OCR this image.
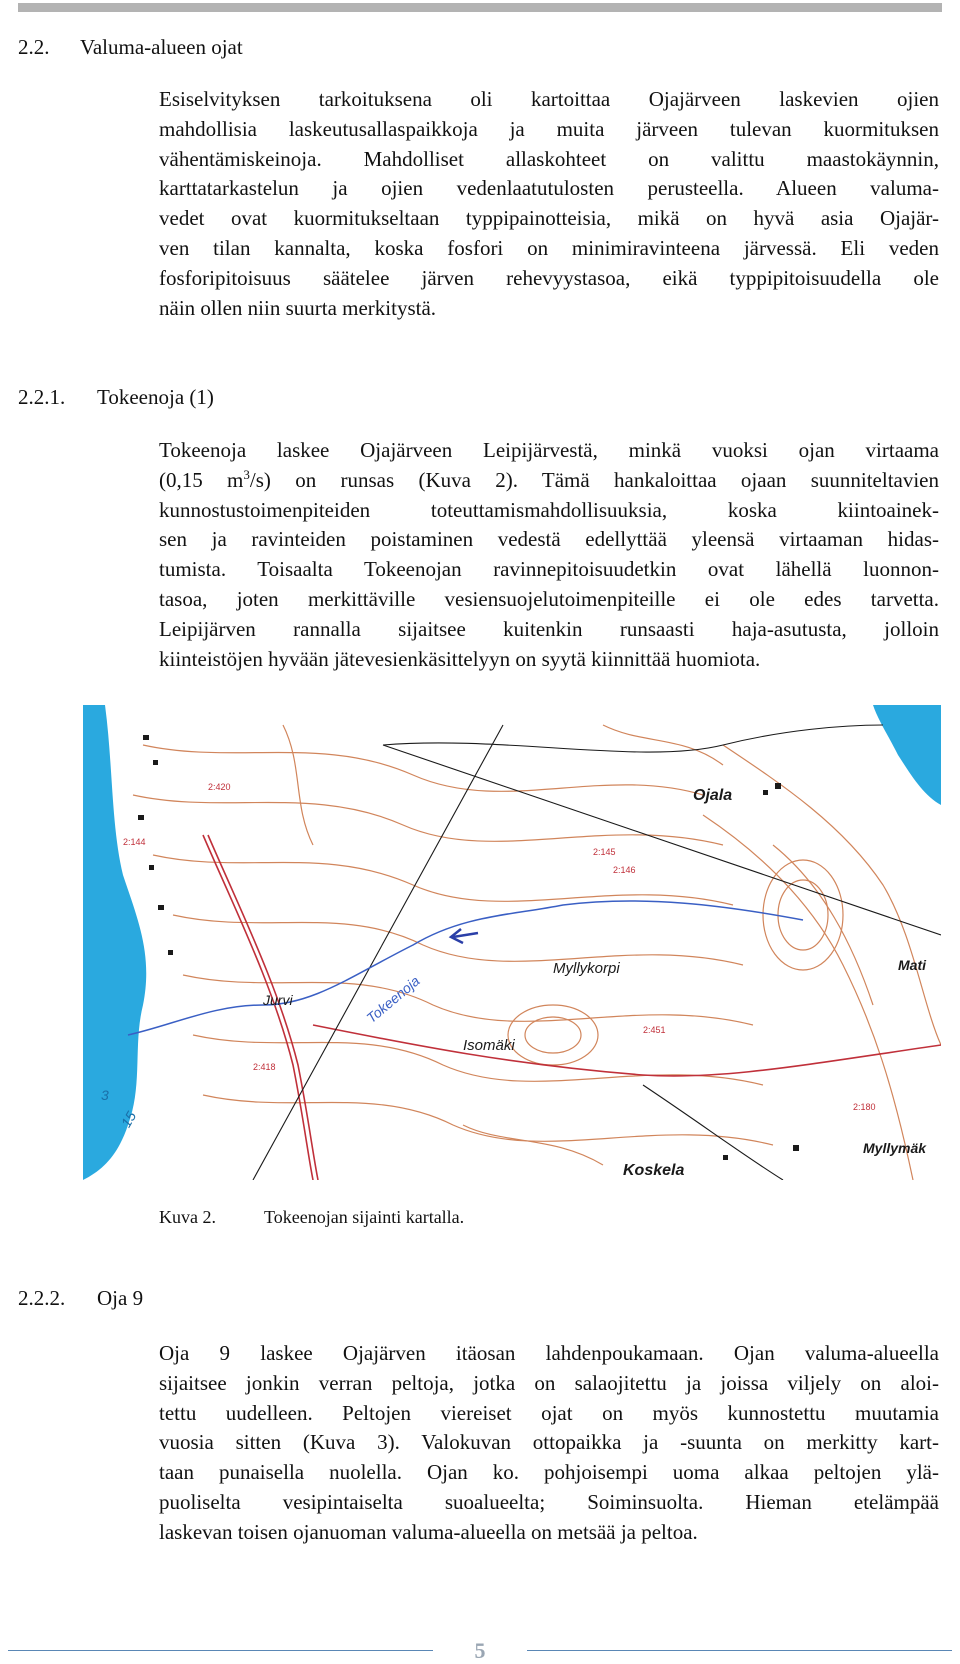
2.2. Valuma-alueen ojat
Esiselvityksen tarkoituksena oli kartoittaa Ojajärveen laskevien ojien
mahdollisia laskeutusallaspaikkoja ja muita järveen tulevan kuormituksen
vähentämiskeinoja. Mahdolliset allaskohteet on valittu maastokäynnin,
karttatarkastelun ja ojien vedenlaatutulosten perusteella. Alueen valuma-
vedet ovat kuormitukseltaan typpipainotteisia, mikä on hyvä asia Ojajär-
ven tilan kannalta, koska fosfori on minimiravinteena järvessä. Eli veden
fosforipitoisuus säätelee järven rehevyystasoa, eikä typpipitoisuudella ole
näin ollen niin suurta merkitystä.
2.2.1. Tokeenoja (1)
Tokeenoja laskee Ojajärveen Leipijärvestä, minkä vuoksi ojan virtaama
(0,15 $m^3/s$) on runsas (Kuva 2). Tämä hankaloittaa ojaan suunniteltavien
kunnostustoimenpiteiden toteuttamismahdollisuuksia, koska kiintoainek-
sen ja ravinteiden poistaminen vedestä edellyttää yleensä virtaaman hidas-
tumista. Toisaalta Tokeenojan ravinnepitoisuudetkin ovat lähellä luonnon-
tasoa, joten merkittäville vesiensuojelutoimenpiteille ei ole edes tarvetta.
Leipijärven rannalla sijaitsee kuitenkin runsaasti haja-asutusta, jolloin
kiinteistöjen hyvään jätevesienkäsittelyyn on syytä kiinnittää huomiota.
Ojala
Myllykorpi
Jurvi
Isomäki
Koskela
Mati
Myllymäk
Tokeenoja
2:420
2:144
2:145
2:146
2:451
2:418
2:180
3
15
Kuva 2.	Tokeenojan sijainti kartalla.
2.2.2. Oja 9
Oja 9 laskee Ojajärven itäosan lahdenpoukamaan. Ojan valuma-alueella
sijaitsee jonkin verran peltoja, jotka on salaojitettu ja joissa viljely on aloi-
tettu uudelleen. Peltojen viereiset ojat on myös kunnostettu muutamia
vuosia sitten (Kuva 3). Valokuvan ottopaikka ja -suunta on merkitty kart-
taan punaisella nuolella. Ojan ko. pohjoisempi uoma alkaa peltojen ylä-
puoliselta vesipintaiselta suoalueelta; Soiminsuolta. Hieman etelämpää
laskevan toisen ojanuoman valuma-alueella on metsää ja peltoa.
5
